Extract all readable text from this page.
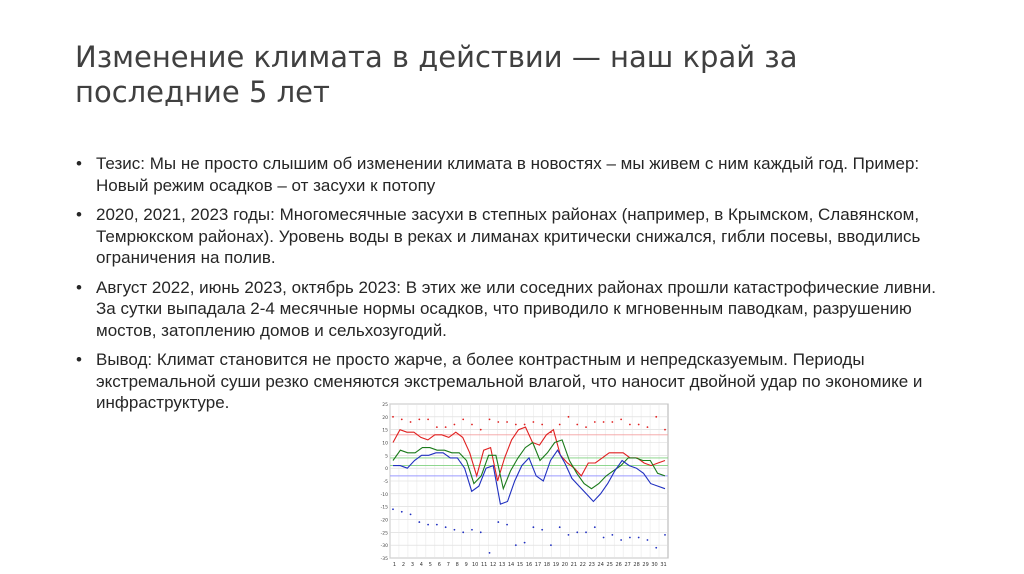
Изменение климата в действии — наш край за последние 5 лет
• Тезис: Мы не просто слышим об изменении климата в новостях – мы живем с ним каждый год. Пример: Новый режим осадков – от засухи к потопу
• 2020, 2021, 2023 годы: Многомесячные засухи в степных районах (например, в Крымском, Славянском, Темрюкском районах). Уровень воды в реках и лиманах критически снижался, гибли посевы, вводились ограничения на полив.
• Август 2022, июнь 2023, октябрь 2023: В этих же или соседних районах прошли катастрофические ливни. За сутки выпадала 2-4 месячные нормы осадков, что приводило к мгновенным паводкам, разрушению мостов, затоплению домов и сельхозугодий.
• Вывод: Климат становится не просто жарче, а более контрастным и непредсказуемым. Периоды экстремальной суши резко сменяются экстремальной влагой, что наносит двойной удар по экономике и инфраструктуре.	25
20
15
10
5
0
-5
-10
-15
-20
-25
-30
-35
1 2 3 4 5 6 7 8 9 10 11 12 13 14 15 16 17 18 19 20 21 22 23 24 25 26 27 28 29 30 31
